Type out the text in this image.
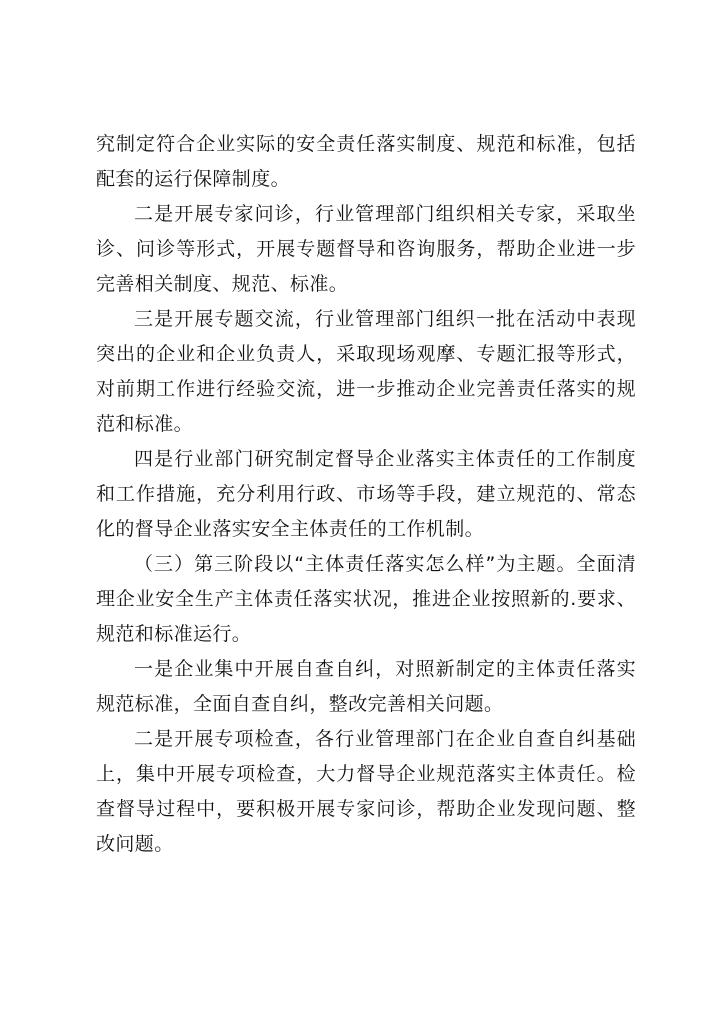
究制定符合企业实际的安全责任落实制度、规范和标准，包括配套的运行保障制度。

二是开展专家问诊，行业管理部门组织相关专家，采取坐诊、问诊等形式，开展专题督导和咨询服务，帮助企业进一步完善相关制度、规范、标准。

三是开展专题交流，行业管理部门组织一批在活动中表现突出的企业和企业负责人，采取现场观摩、专题汇报等形式，对前期工作进行经验交流，进一步推动企业完善责任落实的规范和标准。

四是行业部门研究制定督导企业落实主体责任的工作制度和工作措施，充分利用行政、市场等手段，建立规范的、常态化的督导企业落实安全主体责任的工作机制。

（三）第三阶段以“主体责任落实怎么样”为主题。全面清理企业安全生产主体责任落实状况，推进企业按照新的.要求、规范和标准运行。

一是企业集中开展自查自纠，对照新制定的主体责任落实规范标准，全面自查自纠，整改完善相关问题。

二是开展专项检查，各行业管理部门在企业自查自纠基础上，集中开展专项检查，大力督导企业规范落实主体责任。检查督导过程中，要积极开展专家问诊，帮助企业发现问题、整改问题。
